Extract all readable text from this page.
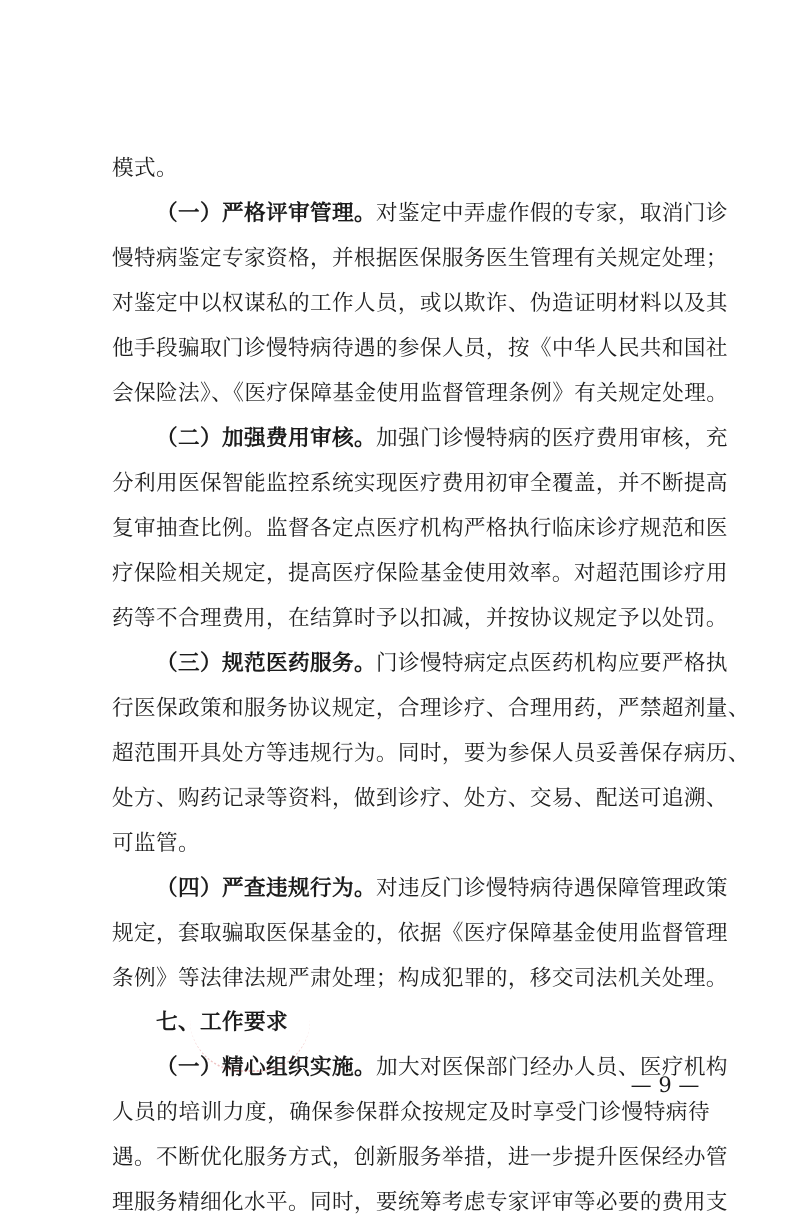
模式。
（一）严格评审管理。对鉴定中弄虚作假的专家，取消门诊
慢特病鉴定专家资格，并根据医保服务医生管理有关规定处理；
对鉴定中以权谋私的工作人员，或以欺诈、伪造证明材料以及其
他手段骗取门诊慢特病待遇的参保人员，按《中华人民共和国社
会保险法》、《医疗保障基金使用监督管理条例》有关规定处理。
（二）加强费用审核。加强门诊慢特病的医疗费用审核，充
分利用医保智能监控系统实现医疗费用初审全覆盖，并不断提高
复审抽查比例。监督各定点医疗机构严格执行临床诊疗规范和医
疗保险相关规定，提高医疗保险基金使用效率。对超范围诊疗用
药等不合理费用，在结算时予以扣减，并按协议规定予以处罚。
（三）规范医药服务。门诊慢特病定点医药机构应要严格执
行医保政策和服务协议规定，合理诊疗、合理用药，严禁超剂量、
超范围开具处方等违规行为。同时，要为参保人员妥善保存病历、
处方、购药记录等资料，做到诊疗、处方、交易、配送可追溯、
可监管。
（四）严查违规行为。对违反门诊慢特病待遇保障管理政策
规定，套取骗取医保基金的，依据《医疗保障基金使用监督管理
条例》等法律法规严肃处理；构成犯罪的，移交司法机关处理。
七、工作要求
（一）精心组织实施。加大对医保部门经办人员、医疗机构
人员的培训力度，确保参保群众按规定及时享受门诊慢特病待
遇。不断优化服务方式，创新服务举措，进一步提升医保经办管
理服务精细化水平。同时，要统筹考虑专家评审等必要的费用支
— 9 —
